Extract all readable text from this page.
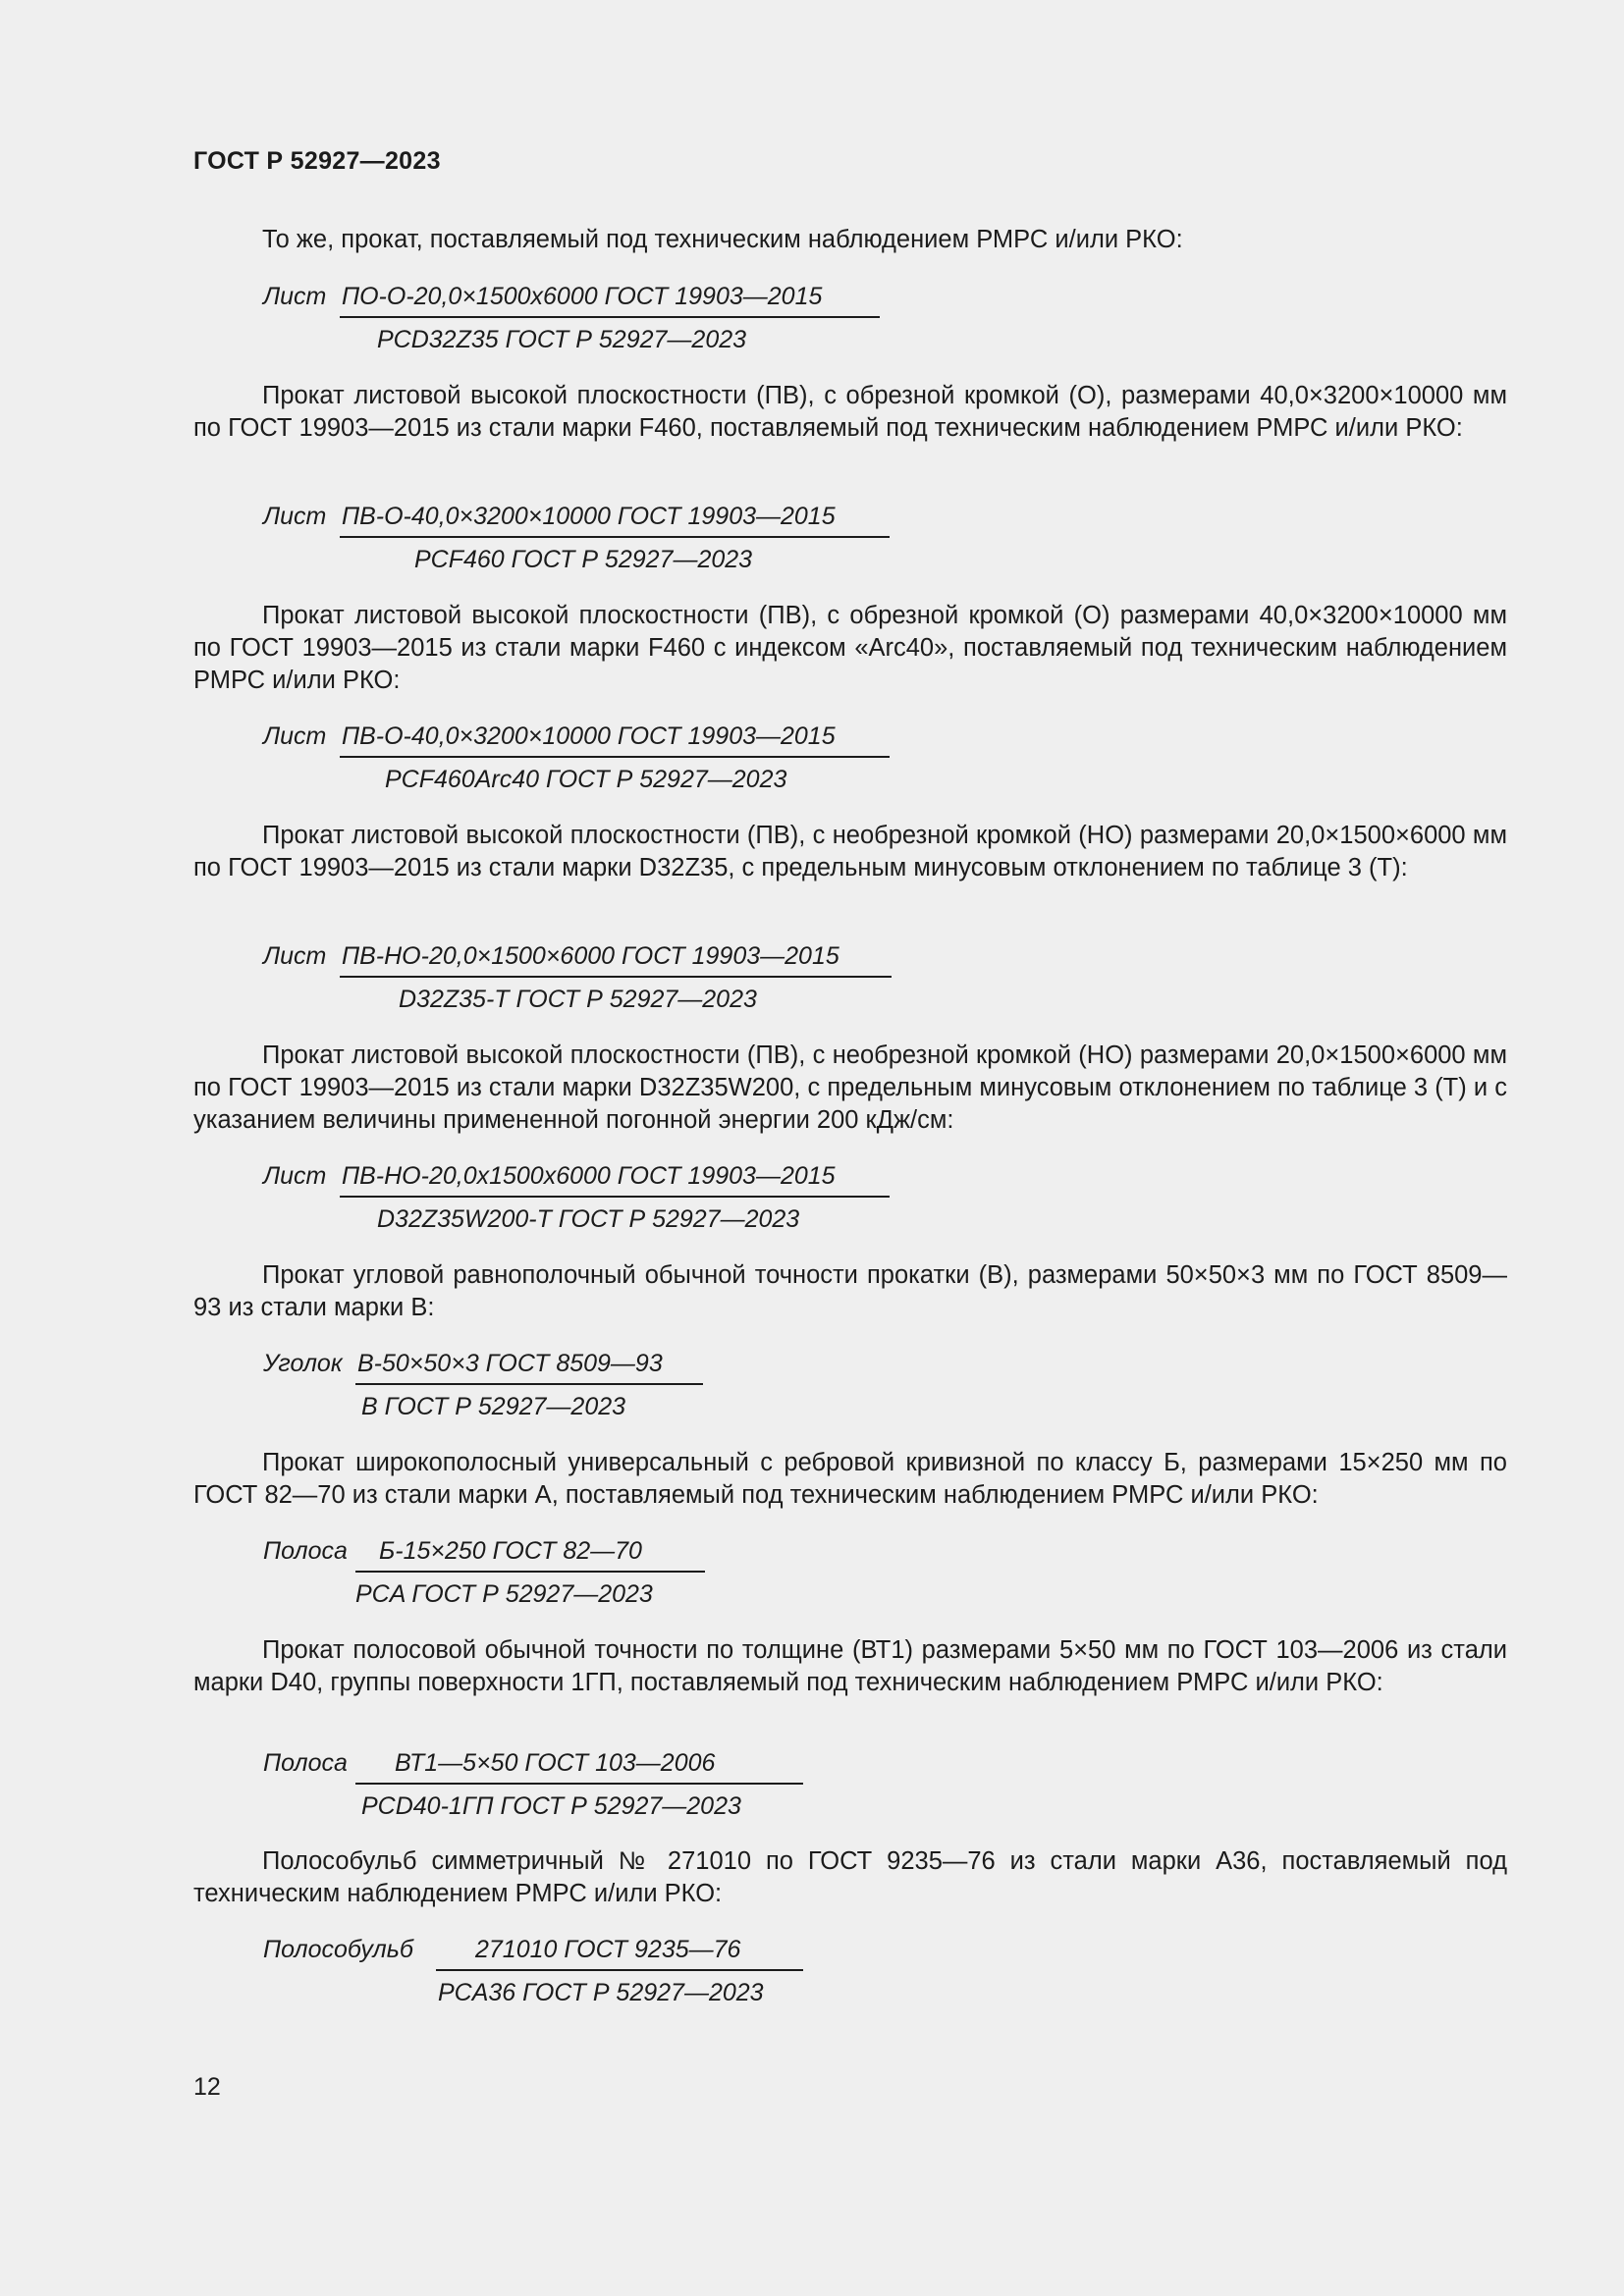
ГОСТ Р 52927—2023

То же, прокат, поставляемый под техническим наблюдением РМРС и/или РКО:

Лист ПО-О-20,0×1500х6000 ГОСТ 19903—2015
PCD32Z35 ГОСТ Р 52927—2023

Прокат листовой высокой плоскостности (ПВ), с обрезной кромкой (О), размерами 40,0×3200×10000 мм по ГОСТ 19903—2015 из стали марки F460, поставляемый под техническим наблюдением РМРС и/или РКО:

Лист ПВ-О-40,0×3200×10000 ГОСТ 19903—2015
PCF460 ГОСТ Р 52927—2023

Прокат листовой высокой плоскостности (ПВ), с обрезной кромкой (О) размерами 40,0×3200×10000 мм по ГОСТ 19903—2015 из стали марки F460 с индексом «Arc40», поставляемый под техническим наблюдением РМРС и/или РКО:

Лист ПВ-О-40,0×3200×10000 ГОСТ 19903—2015
PCF460Arc40 ГОСТ Р 52927—2023

Прокат листовой высокой плоскостности (ПВ), с необрезной кромкой (НО) размерами 20,0×1500×6000 мм по ГОСТ 19903—2015 из стали марки D32Z35, с предельным минусовым отклонением по таблице 3 (Т):

Лист ПВ-НО-20,0×1500×6000 ГОСТ 19903—2015
D32Z35-T ГОСТ Р 52927—2023

Прокат листовой высокой плоскостности (ПВ), с необрезной кромкой (НО) размерами 20,0×1500×6000 мм по ГОСТ 19903—2015 из стали марки D32Z35W200, с предельным минусовым отклонением по таблице 3 (Т) и с указанием величины примененной погонной энергии 200 кДж/см:

Лист ПВ-НО-20,0х1500х6000 ГОСТ 19903—2015
D32Z35W200-T ГОСТ Р 52927—2023

Прокат угловой равнополочный обычной точности прокатки (В), размерами 50×50×3 мм по ГОСТ 8509—93 из стали марки В:

Уголок В-50×50×3 ГОСТ 8509—93
В ГОСТ Р 52927—2023

Прокат широкополосный универсальный с ребровой кривизной по классу Б, размерами 15×250 мм по ГОСТ 82—70 из стали марки А, поставляемый под техническим наблюдением РМРС и/или РКО:

Полоса Б-15×250 ГОСТ 82—70
PCA ГОСТ Р 52927—2023

Прокат полосовой обычной точности по толщине (ВТ1) размерами 5×50 мм по ГОСТ 103—2006 из стали марки D40, группы поверхности 1ГП, поставляемый под техническим наблюдением РМРС и/или РКО:

Полоса ВТ1—5×50 ГОСТ 103—2006
PCD40-1ГП ГОСТ Р 52927—2023

Полособульб симметричный № 271010 по ГОСТ 9235—76 из стали марки А36, поставляемый под техническим наблюдением РМРС и/или РКО:

Полособульб	271010 ГОСТ 9235—76
PCA36 ГОСТ Р 52927—2023
12
